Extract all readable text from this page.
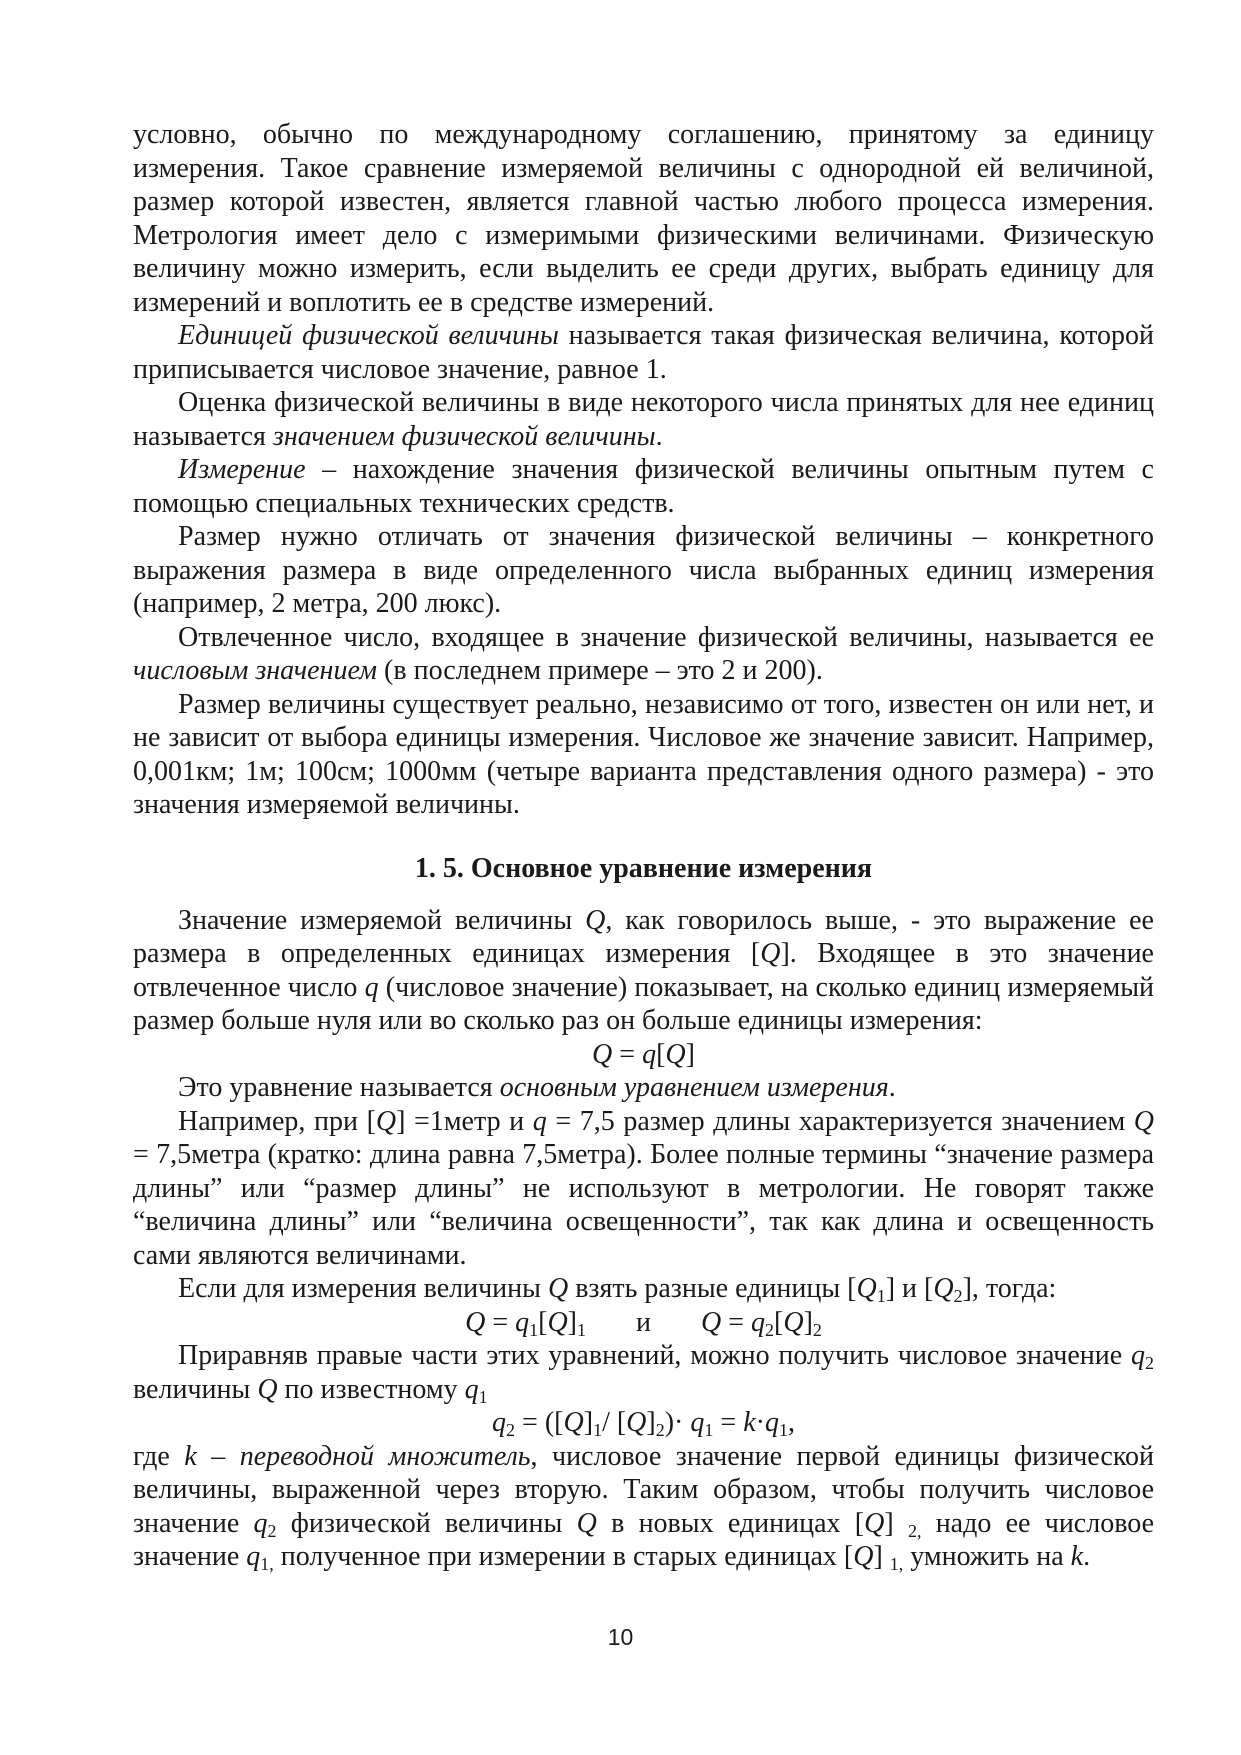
условно, обычно по международному соглашению, принятому за единицу измерения. Такое сравнение измеряемой величины с однородной ей величиной, размер которой известен, является главной частью любого процесса измерения. Метрология имеет дело с измеримыми физическими величинами. Физическую величину можно измерить, если выделить ее среди других, выбрать единицу для измерений и воплотить ее в средстве измерений.

Единицей физической величины называется такая физическая величина, которой приписывается числовое значение, равное 1.

Оценка физической величины в виде некоторого числа принятых для нее единиц называется значением физической величины.

Измерение – нахождение значения физической величины опытным путем с помощью специальных технических средств.

Размер нужно отличать от значения физической величины – конкретного выражения размера в виде определенного числа выбранных единиц измерения (например, 2 метра, 200 люкс).

Отвлеченное число, входящее в значение физической величины, называется ее числовым значением (в последнем примере – это 2 и 200).

Размер величины существует реально, независимо от того, известен он или нет, и не зависит от выбора единицы измерения. Числовое же значение зависит. Например, 0,001км; 1м; 100см; 1000мм (четыре варианта представления одного размера) - это значения измеряемой величины.

1. 5. Основное уравнение измерения

Значение измеряемой величины Q, как говорилось выше, - это выражение ее размера в определенных единицах измерения [Q]. Входящее в это значение отвлеченное число q (числовое значение) показывает, на сколько единиц измеряемый размер больше нуля или во сколько раз он больше единицы измерения:

Q = q[Q]

Это уравнение называется основным уравнением измерения.

Например, при [Q] =1метр и q = 7,5 размер длины характеризуется значением Q = 7,5метра (кратко: длина равна 7,5метра). Более полные термины “значение размера длины” или “размер длины” не используют в метрологии. Не говорят также “величина длины” или “величина освещенности”, так как длина и освещенность сами являются величинами.

Если для измерения величины Q взять разные единицы $[Q_1]$ и $[Q_2]$, тогда:

$Q = q_1[Q]_1$ и $Q = q_2[Q]_2$

Приравняв правые части этих уравнений, можно получить числовое значение $q_2$ величины Q по известному $q_1$

$q_2 = ([Q]_1/$ $[Q]_2)\cdot q_1 = k\cdot q_1$,

где k – переводной множитель, числовое значение первой единицы физической величины, выраженной через вторую. Таким образом, чтобы получить числовое значение $q_2$ физической величины Q в новых единицах [Q] $_{2,}$ надо ее числовое значение $q_{1,}$ полученное при измерении в старых единицах [Q] $_{1,}$ умножить на k.

10
